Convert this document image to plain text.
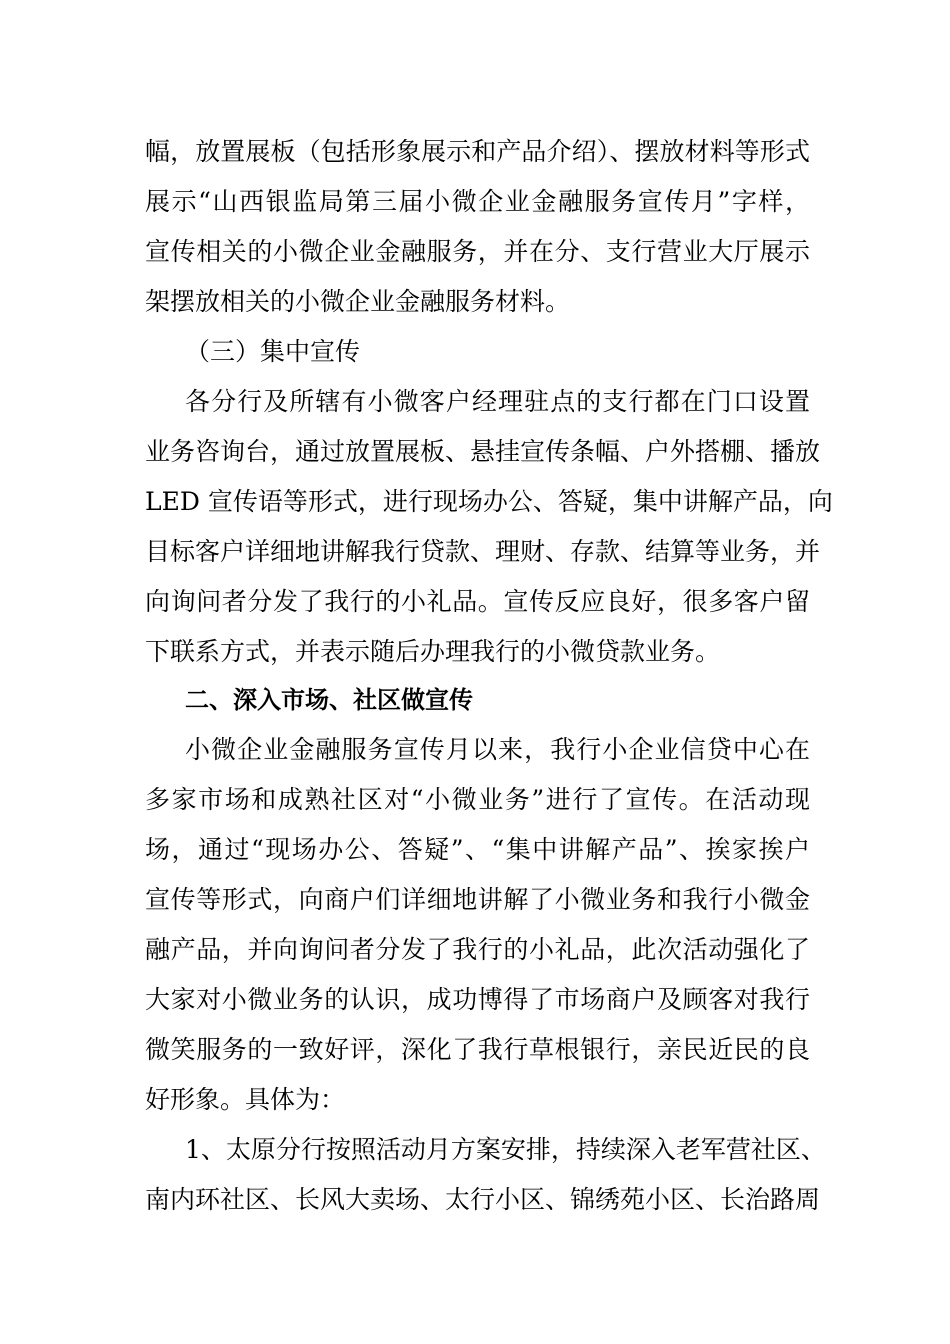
幅，放置展板（包括形象展示和产品介绍）、摆放材料等形式
展示“山西银监局第三届小微企业金融服务宣传月”字样，
宣传相关的小微企业金融服务，并在分、支行营业大厅展示
架摆放相关的小微企业金融服务材料。
（三）集中宣传
各分行及所辖有小微客户经理驻点的支行都在门口设置
业务咨询台，通过放置展板、悬挂宣传条幅、户外搭棚、播放
LED 宣传语等形式，进行现场办公、答疑，集中讲解产品，向
目标客户详细地讲解我行贷款、理财、存款、结算等业务，并
向询问者分发了我行的小礼品。宣传反应良好，很多客户留
下联系方式，并表示随后办理我行的小微贷款业务。
二、深入市场、社区做宣传
小微企业金融服务宣传月以来，我行小企业信贷中心在
多家市场和成熟社区对“小微业务”进行了宣传。在活动现
场，通过“现场办公、答疑”、“集中讲解产品”、挨家挨户
宣传等形式，向商户们详细地讲解了小微业务和我行小微金
融产品，并向询问者分发了我行的小礼品，此次活动强化了
大家对小微业务的认识，成功博得了市场商户及顾客对我行
微笑服务的一致好评，深化了我行草根银行，亲民近民的良
好形象。具体为：
1、太原分行按照活动月方案安排，持续深入老军营社区、
南内环社区、长风大卖场、太行小区、锦绣苑小区、长治路周
